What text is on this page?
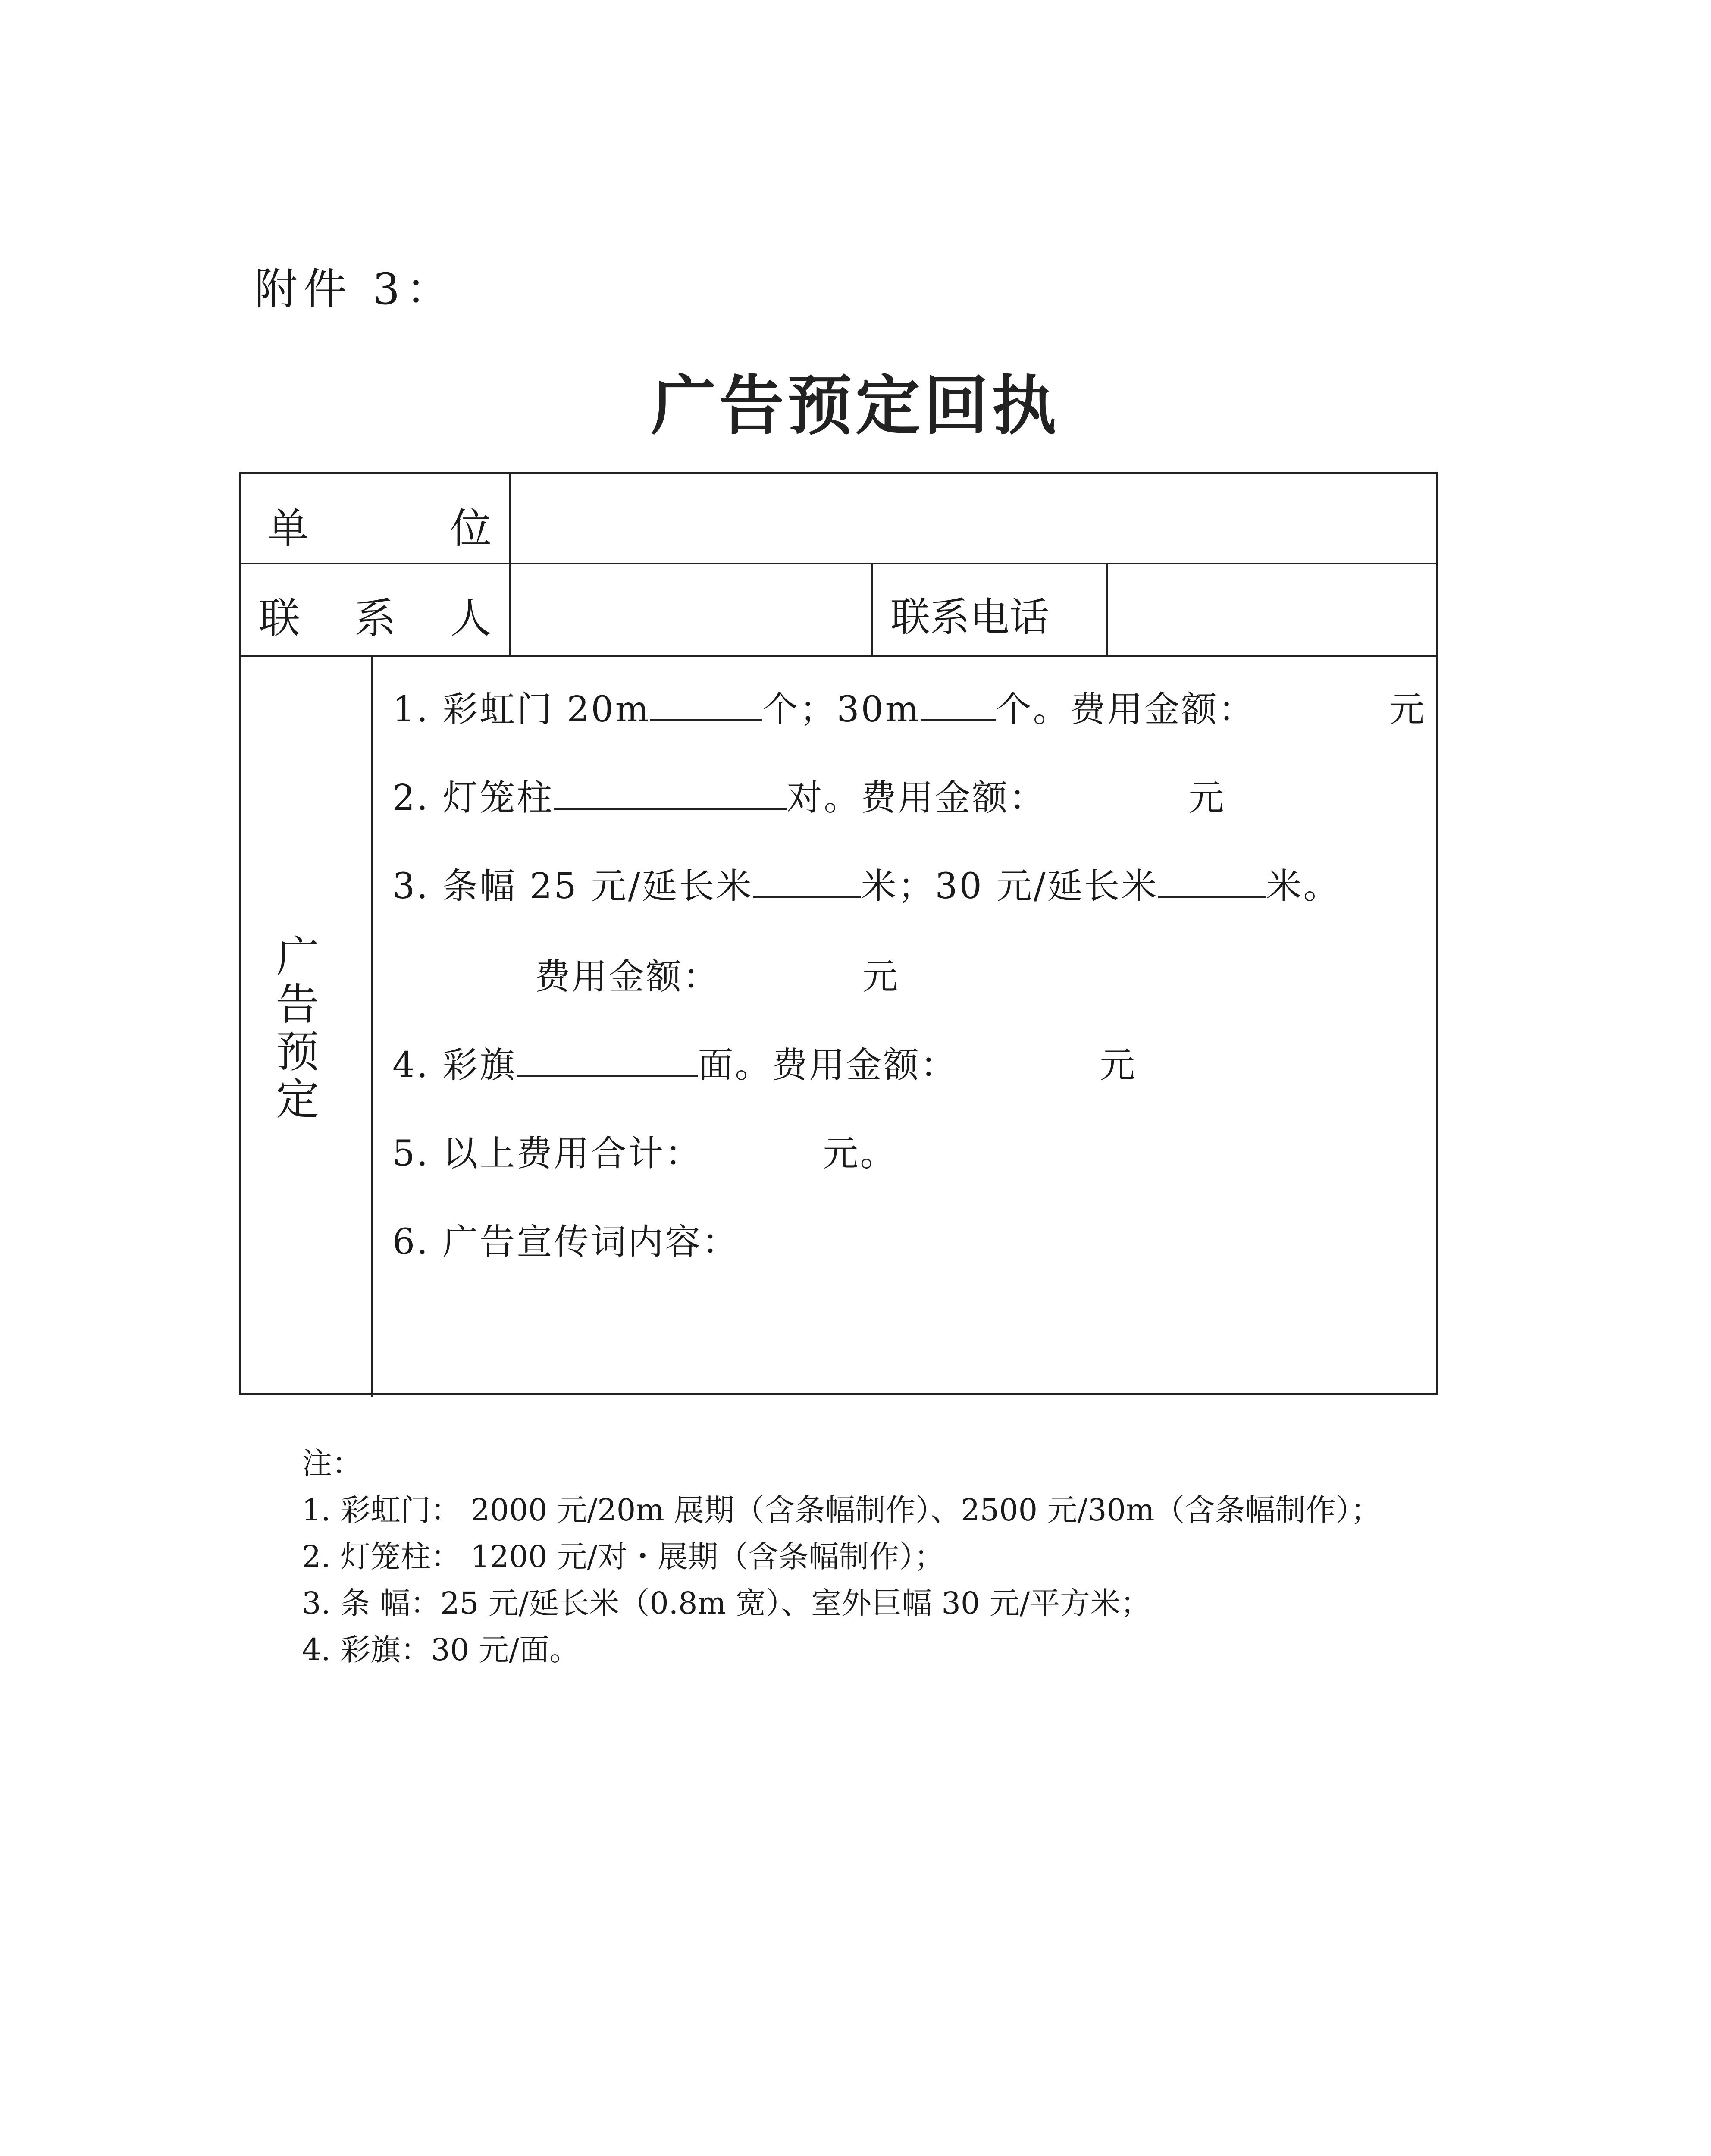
附件 3：
广告预定回执
单	位
联 系 人	联系电话
广
告
预
定
1. 彩虹门 20m	个；30m 个。费用金额：	元
2. 灯笼柱	对。费用金额：	元
3. 条幅 25 元/延长米	米；30 元/延长米	米。
费用金额：	元
4. 彩旗	面。费用金额：	元
5. 以上费用合计：	元。
6. 广告宣传词内容：
注：
1. 彩虹门： 2000 元/20m 展期（含条幅制作）、2500 元/30m（含条幅制作）；
2. 灯笼柱： 1200 元/对・展期（含条幅制作）；
3. 条 幅：25 元/延长米（0.8m 宽）、室外巨幅 30 元/平方米；
4. 彩旗：30 元/面。
